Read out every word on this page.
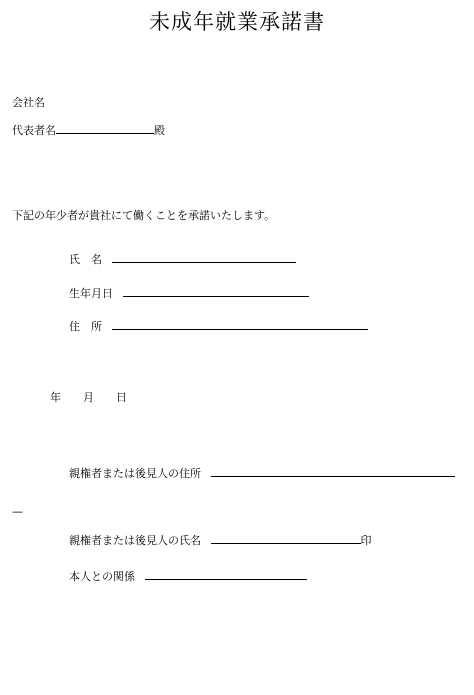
未成年就業承諾書
会社名
代表者名	殿
下記の年少者が貴社にて働くことを承諾いたします。
氏　名
生年月日
住　所
年　　月　　日
親権者または後見人の住所
—
親権者または後見人の氏名	印
本人との関係
